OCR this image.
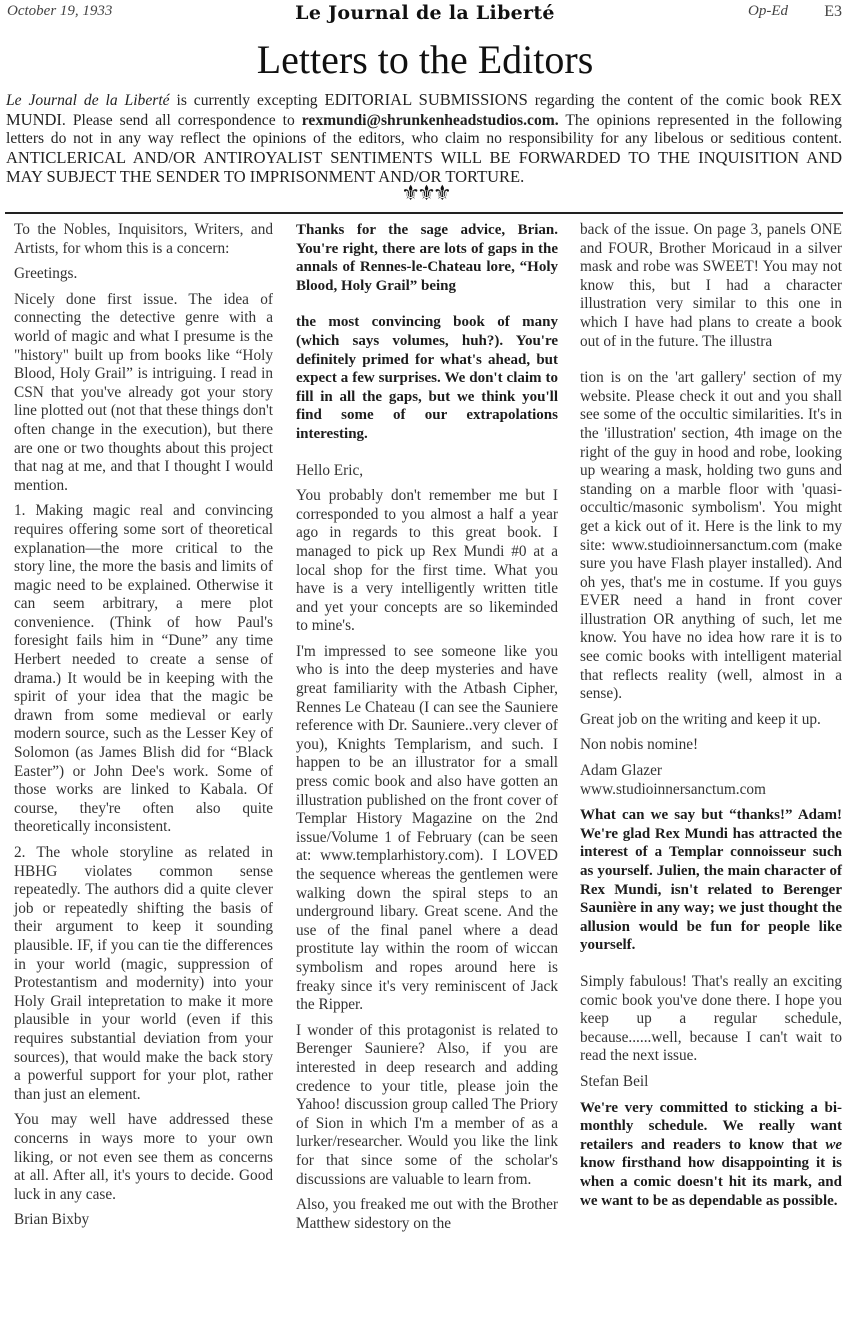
October 19, 1933	Le Journal de la Liberté	Op-Ed E3
Letters to the Editors

Le Journal de la Liberté is currently excepting EDITORIAL SUBMISSIONS regarding the content of the comic book REX MUNDI. Please send all correspondence to rexmundi@shrunkenheadstudios.com. The opinions represented in the following letters do not in any way reflect the opinions of the editors, who claim no responsibility for any libelous or seditious content. ANTICLERICAL AND/OR ANTIROYALIST SENTIMENTS WILL BE FORWARDED TO THE INQUISITION AND MAY SUBJECT THE SENDER TO IMPRISONMENT AND/OR TORTURE.

⚜⚜⚜

To the Nobles, Inquisitors, Writers, and Artists, for whom this is a concern:

Greetings.

Nicely done first issue. The idea of connecting the detective genre with a world of magic and what I presume is the "history" built up from books like “Holy Blood, Holy Grail” is intriguing. I read in CSN that you've already got your story line plotted out (not that these things don't often change in the execution), but there are one or two thoughts about this project that nag at me, and that I thought I would mention.

1. Making magic real and convincing requires offering some sort of theoretical explanation—the more critical to the story line, the more the basis and limits of magic need to be explained. Otherwise it can seem arbitrary, a mere plot convenience. (Think of how Paul's foresight fails him in “Dune” any time Herbert needed to create a sense of drama.) It would be in keeping with the spirit of your idea that the magic be drawn from some medieval or early modern source, such as the Lesser Key of Solomon (as James Blish did for “Black Easter”) or John Dee's work. Some of those works are linked to Kabala. Of course, they're often also quite theoretically inconsistent.

2. The whole storyline as related in HBHG violates common sense repeatedly. The authors did a quite clever job or repeatedly shifting the basis of their argument to keep it sounding plausible. IF, if you can tie the differences in your world (magic, suppression of Protestantism and modernity) into your Holy Grail intepretation to make it more plausible in your world (even if this requires substantial deviation from your sources), that would make the back story a powerful support for your plot, rather than just an element.

You may well have addressed these concerns in ways more to your own liking, or not even see them as concerns at all. After all, it's yours to decide. Good luck in any case.

Brian Bixby

Thanks for the sage advice, Brian. You're right, there are lots of gaps in the annals of Rennes-le-Chateau lore, “Holy Blood, Holy Grail” being

the most convincing book of many (which says volumes, huh?). You're definitely primed for what's ahead, but expect a few surprises. We don't claim to fill in all the gaps, but we think you'll find some of our extrapolations interesting.

Hello Eric,

You probably don't remember me but I corresponded to you almost a half a year ago in regards to this great book. I managed to pick up Rex Mundi #0 at a local shop for the first time. What you have is a very intelligently written title and yet your concepts are so likeminded to mine's.

I'm impressed to see someone like you who is into the deep mysteries and have great familiarity with the Atbash Cipher, Rennes Le Chateau (I can see the Sauniere reference with Dr. Sauniere..very clever of you), Knights Templarism, and such. I happen to be an illustrator for a small press comic book and also have gotten an illustration published on the front cover of Templar History Magazine on the 2nd issue/Volume 1 of February (can be seen at: www.templarhistory.com). I LOVED the sequence whereas the gentlemen were walking down the spiral steps to an underground libary. Great scene. And the use of the final panel where a dead prostitute lay within the room of wiccan symbolism and ropes around here is freaky since it's very reminiscent of Jack the Ripper.

I wonder of this protagonist is related to Berenger Sauniere? Also, if you are interested in deep research and adding credence to your title, please join the Yahoo! discussion group called The Priory of Sion in which I'm a member of as a lurker/researcher. Would you like the link for that since some of the scholar's discussions are valuable to learn from.

Also, you freaked me out with the Brother Matthew sidestory on the

back of the issue. On page 3, panels ONE and FOUR, Brother Moricaud in a silver mask and robe was SWEET! You may not know this, but I had a character illustration very similar to this one in which I have had plans to create a book out of in the future. The illustra

tion is on the 'art gallery' section of my website. Please check it out and you shall see some of the occultic similarities. It's in the 'illustration' section, 4th image on the right of the guy in hood and robe, looking up wearing a mask, holding two guns and standing on a marble floor with 'quasi-occultic/masonic symbolism'. You might get a kick out of it. Here is the link to my site: www.studioinnersanctum.com (make sure you have Flash player installed). And oh yes, that's me in costume. If you guys EVER need a hand in front cover illustration OR anything of such, let me know. You have no idea how rare it is to see comic books with intelligent material that reflects reality (well, almost in a sense).

Great job on the writing and keep it up.

Non nobis nomine!

Adam Glazer

www.studioinnersanctum.com

What can we say but “thanks!” Adam! We're glad Rex Mundi has attracted the interest of a Templar connoisseur such as yourself. Julien, the main character of Rex Mundi, isn't related to Berenger Saunière in any way; we just thought the allusion would be fun for people like yourself.

Simply fabulous! That's really an exciting comic book you've done there. I hope you keep up a regular schedule, because......well, because I can't wait to read the next issue.

Stefan Beil

We're very committed to sticking a bi-monthly schedule. We really want retailers and readers to know that we know firsthand how disappointing it is when a comic doesn't hit its mark, and we want to be as dependable as possible.
